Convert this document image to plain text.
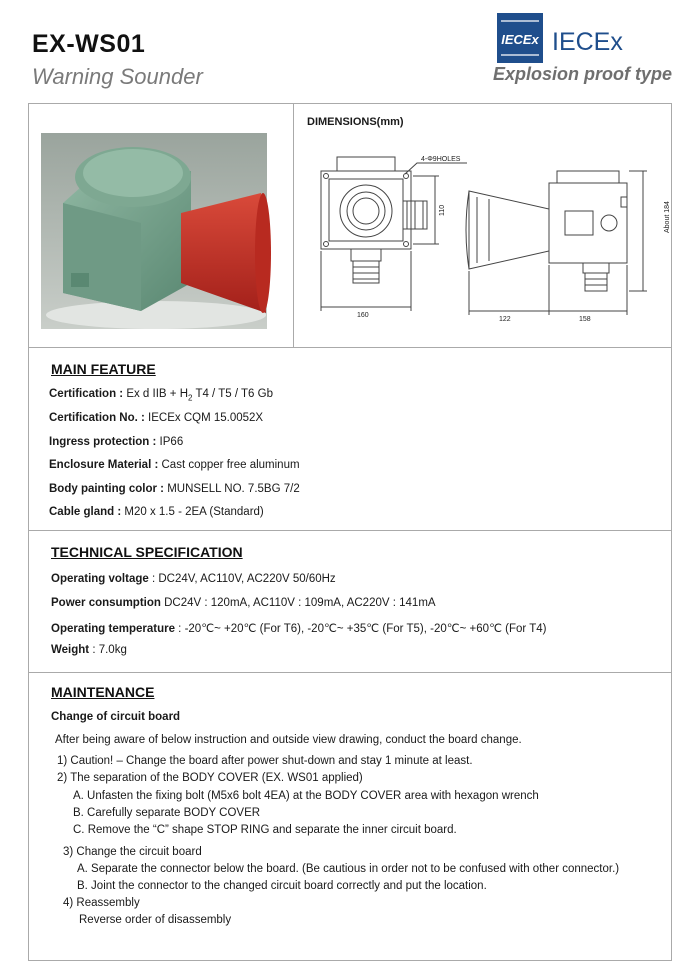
EX-WS01
Warning Sounder
IECEx IECEx
Explosion proof type
DIMENSIONS(mm)
4-Φ9HOLES
160
110
122	158
About 184
MAIN FEATURE
Certification : Ex d IIB + $H_2$ T4 / T5 / T6 Gb
Certification No. : IECEx CQM 15.0052X
Ingress protection : IP66
Enclosure Material : Cast copper free aluminum
Body painting color : MUNSELL NO. 7.5BG 7/2
Cable gland : M20 x 1.5 - 2EA (Standard)
TECHNICAL SPECIFICATION
Operating voltage : DC24V, AC110V, AC220V 50/60Hz
Power consumption DC24V : 120mA, AC110V : 109mA, AC220V : 141mA
Operating temperature : -20℃~ +20℃ (For T6), -20℃~ +35℃ (For T5), -20℃~ +60℃ (For T4)
Weight : 7.0kg
MAINTENANCE
Change of circuit board
After being aware of below instruction and outside view drawing, conduct the board change.
1) Caution! – Change the board after power shut-down and stay 1 minute at least.
2) The separation of the BODY COVER (EX. WS01 applied)
A. Unfasten the fixing bolt (M5x6 bolt 4EA) at the BODY COVER area with hexagon wrench
B. Carefully separate BODY COVER
C. Remove the “C” shape STOP RING and separate the inner circuit board.
3) Change the circuit board
A. Separate the connector below the board. (Be cautious in order not to be confused with other connector.)
B. Joint the connector to the changed circuit board correctly and put the location.
4) Reassembly
Reverse order of disassembly
